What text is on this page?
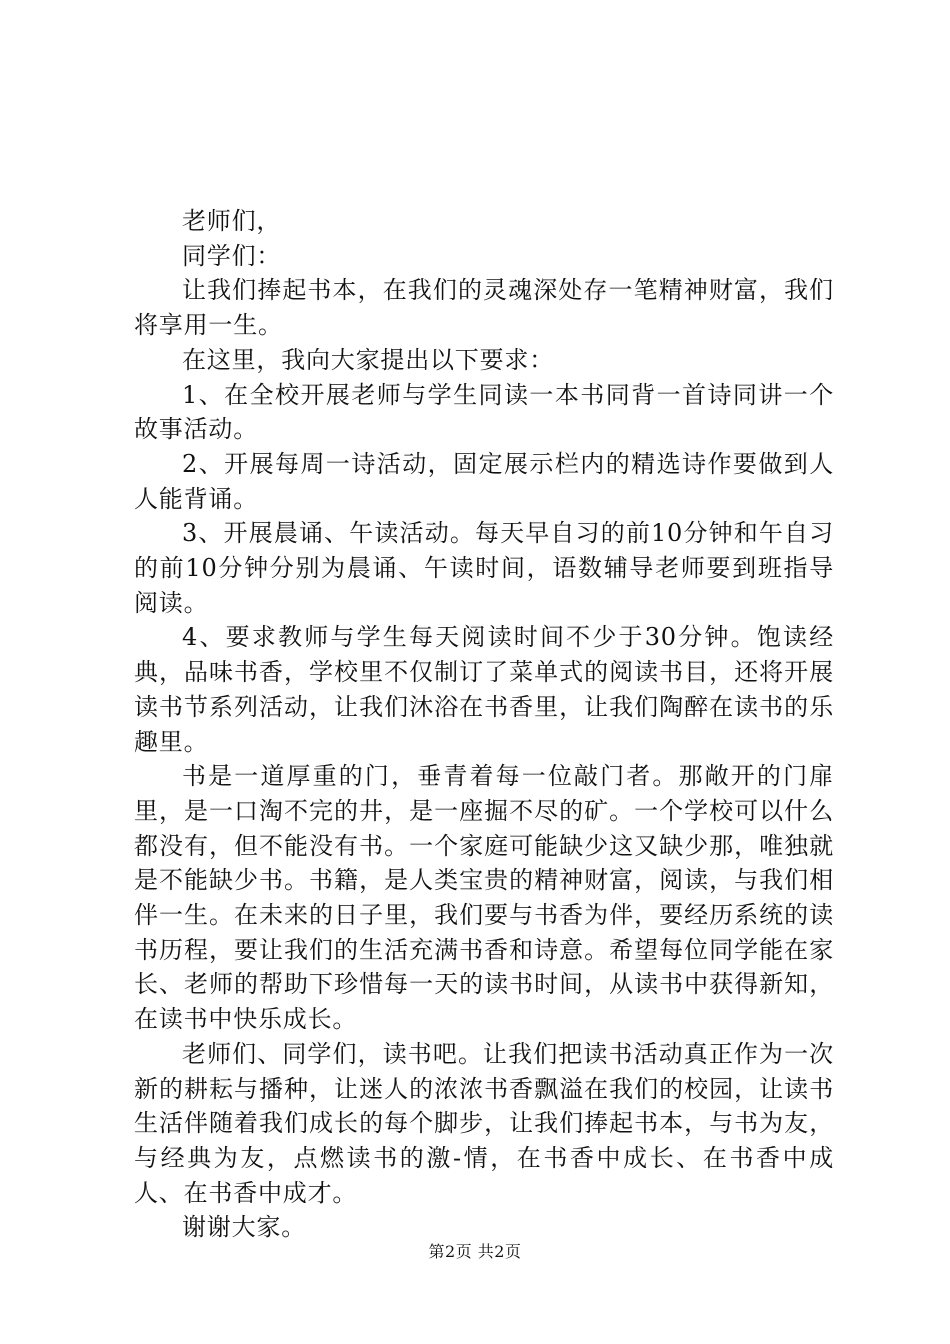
老师们，

同学们：

让我们捧起书本，在我们的灵魂深处存一笔精神财富，我们将享用一生。

在这里，我向大家提出以下要求：

1、在全校开展老师与学生同读一本书同背一首诗同讲一个故事活动。

2、开展每周一诗活动，固定展示栏内的精选诗作要做到人人能背诵。

3、开展晨诵、午读活动。每天早自习的前10分钟和午自习的前10分钟分别为晨诵、午读时间，语数辅导老师要到班指导阅读。

4、要求教师与学生每天阅读时间不少于30分钟。饱读经典，品味书香，学校里不仅制订了菜单式的阅读书目，还将开展读书节系列活动，让我们沐浴在书香里，让我们陶醉在读书的乐趣里。

书是一道厚重的门，垂青着每一位敲门者。那敞开的门扉里，是一口淘不完的井，是一座掘不尽的矿。一个学校可以什么都没有，但不能没有书。一个家庭可能缺少这又缺少那，唯独就是不能缺少书。书籍，是人类宝贵的精神财富，阅读，与我们相伴一生。在未来的日子里，我们要与书香为伴，要经历系统的读书历程，要让我们的生活充满书香和诗意。希望每位同学能在家长、老师的帮助下珍惜每一天的读书时间，从读书中获得新知，在读书中快乐成长。

老师们、同学们，读书吧。让我们把读书活动真正作为一次新的耕耘与播种，让迷人的浓浓书香飘溢在我们的校园，让读书生活伴随着我们成长的每个脚步，让我们捧起书本，与书为友，与经典为友，点燃读书的激-情，在书香中成长、在书香中成人、在书香中成才。

谢谢大家。

第2页 共2页
